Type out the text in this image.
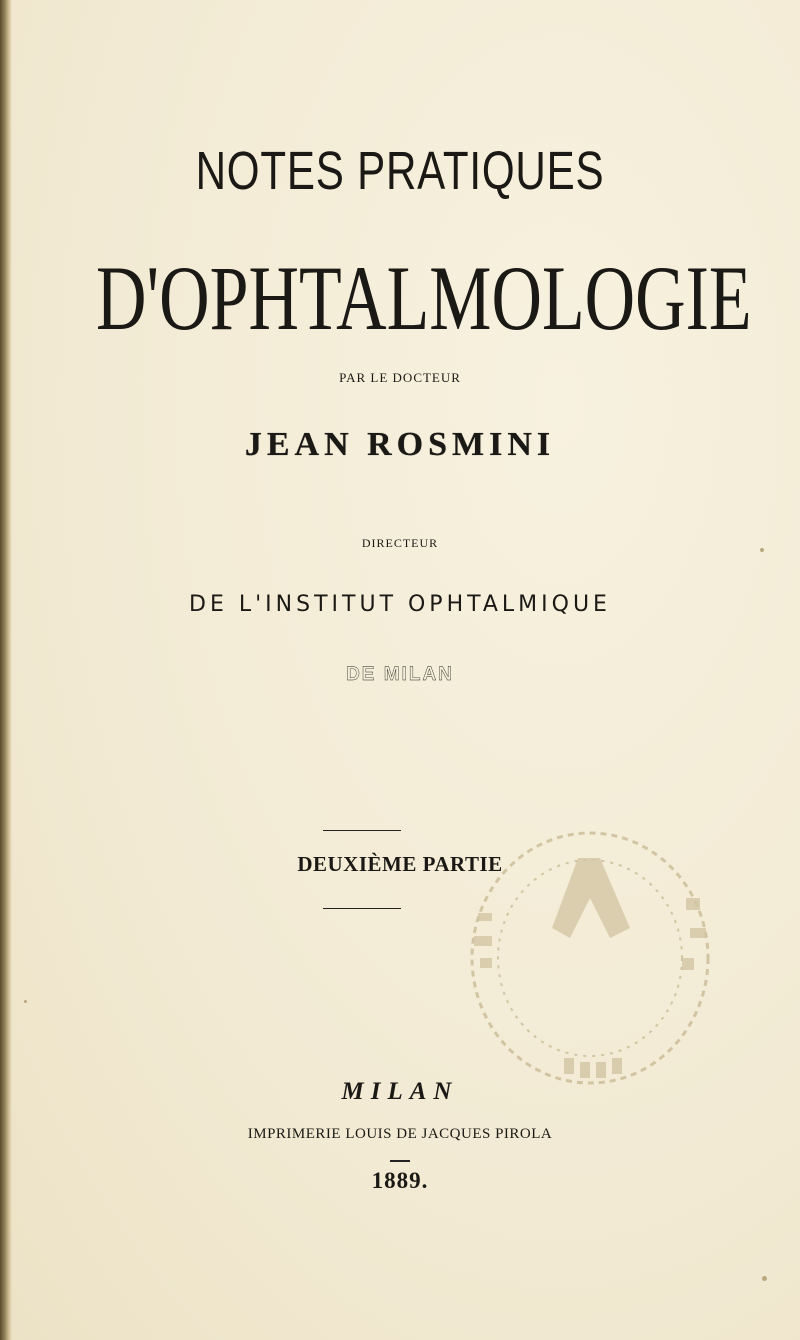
NOTES PRATIQUES
D'OPHTALMOLOGIE
PAR LE DOCTEUR
JEAN ROSMINI
DIRECTEUR
DE L'INSTITUT OPHTALMIQUE
DE MILAN
DEUXIÈME PARTIE
MILAN
IMPRIMERIE LOUIS DE JACQUES PIROLA
1889.
